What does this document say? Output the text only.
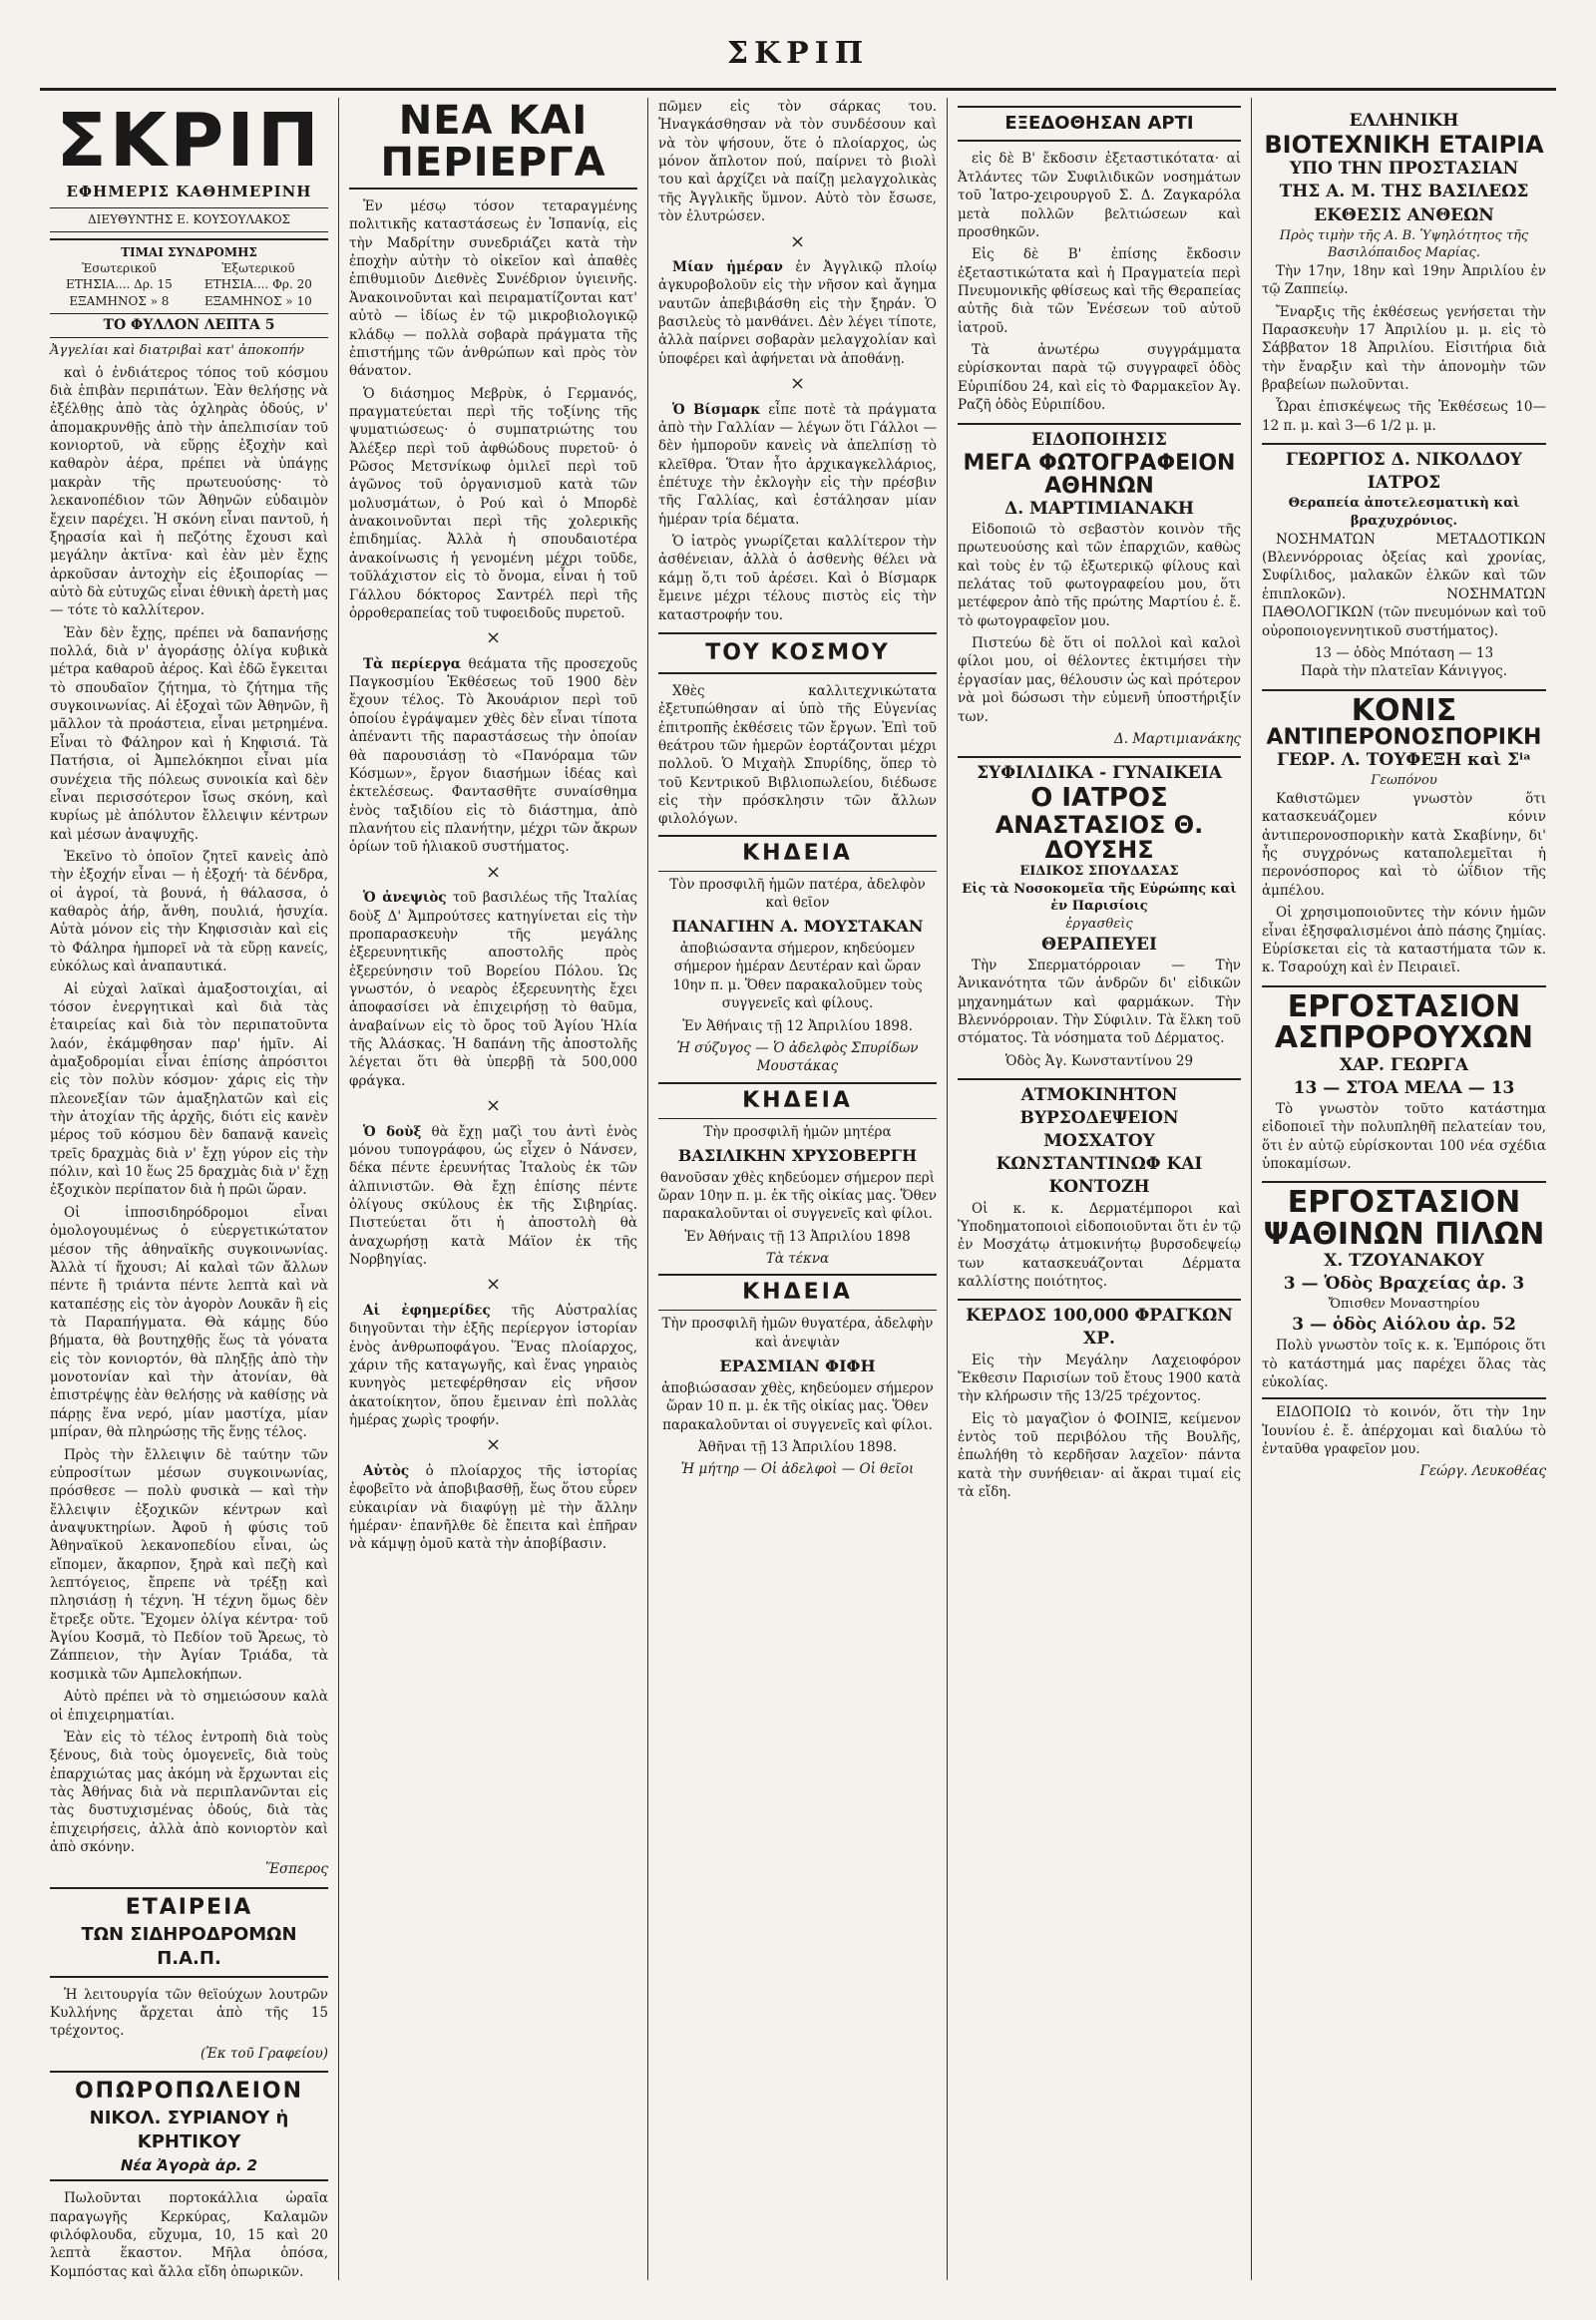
ΣΚΡΙΠ
ΣΚΡΙΠ
ΕΦΗΜΕΡΙΣ ΚΑΘΗΜΕΡΙΝΗ
ΔΙΕΥΘΥΝΤΗΣ Ε. ΚΟΥΣΟΥΛΑΚΟΣ
ΤΙΜΑΙ ΣΥΝΔΡΟΜΗΣ
Ἐσωτερικοῦ	Ἐξωτερικοῦ
ΕΤΗΣΙΑ.... Δρ. 15	ΕΤΗΣΙΑ.... Φρ. 20
ΕΞΑΜΗΝΟΣ » 8	ΕΞΑΜΗΝΟΣ » 10
ΤΟ ΦΥΛΛΟΝ ΛΕΠΤΑ 5
Ἀγγελίαι καὶ διατριβαὶ κατ' ἀποκοπήν

καὶ ὁ ἐνδιάτερος τόπος τοῦ κόσμου διὰ ἐπιβὰν περιπάτων. Ἐὰν θελήσῃς νὰ ἐξέλθῃς ἀπὸ τὰς ὀχληρὰς ὁδούς, ν' ἀπομακρυνθῇς ἀπὸ τὴν ἀπελπισίαν τοῦ κονιορτοῦ, νὰ εὕρῃς ἐξοχὴν καὶ καθαρὸν ἀέρα, πρέπει νὰ ὑπάγῃς μακρὰν τῆς πρωτευούσης· τὸ λεκανοπέδιον τῶν Ἀθηνῶν εὐδαιμὸν ἔχειν παρέχει. Ἡ σκόνη εἶναι παντοῦ, ἡ ξηρασία καὶ ἡ πεζότης ἔχουσι καὶ μεγάλην ἀκτῖνα· καὶ ἐὰν μὲν ἔχῃς ἀρκοῦσαν ἀντοχὴν εἰς ἐξοιπορίας — αὐτὸ δὰ εὐτυχῶς εἶναι ἐθνικὴ ἀρετὴ μας — τότε τὸ καλλίτερον.

Ἐὰν δὲν ἔχῃς, πρέπει νὰ δαπανήσῃς πολλά, διὰ ν' ἀγοράσῃς ὀλίγα κυβικὰ μέτρα καθαροῦ ἀέρος. Καὶ ἐδῶ ἔγκειται τὸ σπουδαῖον ζήτημα, τὸ ζήτημα τῆς συγκοινωνίας. Αἱ ἐξοχαὶ τῶν Ἀθηνῶν, ἢ μᾶλλον τὰ προάστεια, εἶναι μετρημένα. Εἶναι τὸ Φάληρον καὶ ἡ Κηφισιά. Τὰ Πατήσια, οἱ Ἀμπελόκηποι εἶναι μία συνέχεια τῆς πόλεως συνοικία καὶ δὲν εἶναι περισσότερον ἴσως σκόνη, καὶ κυρίως μὲ ἀπόλυτον ἔλλειψιν κέντρων καὶ μέσων ἀναψυχῆς.

Ἐκεῖνο τὸ ὁποῖον ζητεῖ κανεὶς ἀπὸ τὴν ἐξοχήν εἶναι — ἡ ἐξοχή· τὰ δένδρα, οἱ ἀγροί, τὰ βουνά, ἡ θάλασσα, ὁ καθαρὸς ἀήρ, ἄνθη, πουλιά, ἡσυχία. Αὐτὰ μόνον εἰς τὴν Κηφισσιὰν καὶ εἰς τὸ Φάληρα ἠμπορεῖ νὰ τὰ εὕρῃ κανείς, εὐκόλως καὶ ἀναπαυτικά.

Αἱ εὐχαὶ λαϊκαὶ ἀμαξοστοιχίαι, αἱ τόσον ἐνεργητικαὶ καὶ διὰ τὰς ἑταιρείας καὶ διὰ τὸν περιπατοῦντα λαόν, ἐκάμφθησαν παρ' ἡμῖν. Αἱ ἀμαξοδρομίαι εἶναι ἐπίσης ἀπρόσιτοι εἰς τὸν πολὺν κόσμον· χάρις εἰς τὴν πλεονεξίαν τῶν ἁμαξηλατῶν καὶ εἰς τὴν ἀτοχίαν τῆς ἀρχῆς, διότι εἰς κανὲν μέρος τοῦ κόσμου δὲν δαπανᾷ κανεὶς τρεῖς δραχμὰς διὰ ν' ἔχῃ γύρον εἰς τὴν πόλιν, καὶ 10 ἕως 25 δραχμὰς διὰ ν' ἔχῃ ἐξοχικὸν περίπατον διὰ ἡ πρῶι ὥραν.

Οἱ ἱπποσιδηρόδρομοι εἶναι ὁμολογουμένως ὁ εὐεργετικώτατον μέσον τῆς ἀθηναϊκῆς συγκοινωνίας. Ἀλλὰ τί ἤχουσι; Αἱ καλαὶ τῶν ἄλλων πέντε ἢ τριάντα πέντε λεπτὰ καὶ νὰ καταπέσῃς εἰς τὸν ἀγορὸν Λουκᾶν ἢ εἰς τὰ Παραπήγματα. Θὰ κάμῃς δύο βήματα, θὰ βουτηχθῇς ἕως τὰ γόνατα εἰς τὸν κονιορτόν, θὰ πληξῇς ἀπὸ τὴν μονοτονίαν καὶ τὴν ἀτονίαν, θὰ ἐπιστρέψῃς ἐὰν θελήσῃς νὰ καθίσῃς νὰ πάρῃς ἕνα νερό, μίαν μαστίχα, μίαν μπίραν, θὰ πληρώσῃς τῆς ἕνῃς τέλος.

Πρὸς τὴν ἔλλειψιν δὲ ταύτην τῶν εὐπροσίτων μέσων συγκοινωνίας, πρόσθεσε — πολὺ φυσικὰ — καὶ τὴν ἔλλειψιν ἐξοχικῶν κέντρων καὶ ἀναψυκτηρίων. Ἀφοῦ ἡ φύσις τοῦ Ἀθηναϊκοῦ λεκανοπεδίου εἶναι, ὡς εἴπομεν, ἄκαρπον, ξηρὰ καὶ πεζὴ καὶ λεπτόγειος, ἔπρεπε νὰ τρέξῃ καὶ πλησιάσῃ ἡ τέχνη. Ἡ τέχνη ὅμως δὲν ἔτρεξε οὔτε. Ἔχομεν ὀλίγα κέντρα· τοῦ Ἀγίου Κοσμᾶ, τὸ Πεδίον τοῦ Ἄρεως, τὸ Ζάππειον, τὴν Ἀγίαν Τριάδα, τὰ κοσμικὰ τῶν Αμπελοκήπων.

Αὐτὸ πρέπει νὰ τὸ σημειώσουν καλὰ οἱ ἐπιχειρηματίαι.

Ἐὰν εἰς τὸ τέλος ἐντροπὴ διὰ τοὺς ξένους, διὰ τοὺς ὁμογενεῖς, διὰ τοὺς ἐπαρχιώτας μας ἀκόμη νὰ ἔρχωνται εἰς τὰς Ἀθήνας διὰ νὰ περιπλανῶνται εἰς τὰς δυστυχισμένας ὁδούς, διὰ τὰς ἐπιχειρήσεις, ἀλλὰ ἀπὸ κονιορτὸν καὶ ἀπὸ σκόνην.

Ἕσπερος
ΕΤΑΙΡΕΙΑ
ΤΩΝ ΣΙΔΗΡΟΔΡΟΜΩΝ Π.Α.Π.

Ἡ λειτουργία τῶν θεϊούχων λουτρῶν Κυλλήνης ἄρχεται ἀπὸ τῆς 15 τρέχοντος.

(Ἐκ τοῦ Γραφείου)
ΟΠΩΡΟΠΩΛΕΙΟΝ
ΝΙΚΟΛ. ΣΥΡΙΑΝΟΥ ἡ ΚΡΗΤΙΚΟΥ
Νέα Ἀγορὰ ἀρ. 2

Πωλοῦνται πορτοκάλλια ὡραῖα παραγωγῆς Κερκύρας, Καλαμῶν φιλόφλουδα, εὔχυμα, 10, 15 καὶ 20 λεπτὰ ἕκαστον. Μῆλα ὁπόσα, Κομπόστας καὶ ἄλλα εἴδη ὀπωρικῶν.

ΝΕΑ ΚΑΙ ΠΕΡΙΕΡΓΑ

Ἐν μέσῳ τόσον τεταραγμένης πολιτικῆς καταστάσεως ἐν Ἱσπανίᾳ, εἰς τὴν Μαδρίτην συνεδριάζει κατὰ τὴν ἐποχὴν αὐτὴν τὸ οἰκεῖον καὶ ἀπαθὲς ἐπιθυμιοῦν Διεθνὲς Συνέδριον ὑγιεινῆς. Ἀνακοινοῦνται καὶ πειραματίζονται κατ' αὐτὸ — ἰδίως ἐν τῷ μικροβιολογικῷ κλάδῳ — πολλὰ σοβαρὰ πράγματα τῆς ἐπιστήμης τῶν ἀνθρώπων καὶ πρὸς τὸν θάνατον.

Ὁ διάσημος Μεβρὺκ, ὁ Γερμανός, πραγματεύεται περὶ τῆς τοξίνης τῆς ψυματιώσεως· ὁ συμπατριώτης του Ἀλέξερ περὶ τοῦ ἀφθώδους πυρετοῦ· ὁ Ρῶσος Μετσνίκωφ ὁμιλεῖ περὶ τοῦ ἀγῶνος τοῦ ὀργανισμοῦ κατὰ τῶν μολυσμάτων, ὁ Ρού καὶ ὁ Μπορδὲ ἀνακοινοῦνται περὶ τῆς χολερικῆς ἐπιδημίας. Ἀλλὰ ἡ σπουδαιοτέρα ἀνακοίνωσις ἡ γενομένη μέχρι τοῦδε, τοῦλάχιστον εἰς τὸ ὄνομα, εἶναι ἡ τοῦ Γάλλου δόκτορος Σαντρέλ περὶ τῆς ὀρροθεραπείας τοῦ τυφοειδοῦς πυρετοῦ.

×

Τὰ περίεργα θεάματα τῆς προσεχοῦς Παγκοσμίου Ἐκθέσεως τοῦ 1900 δὲν ἔχουν τέλος. Τὸ Ἀκουάριον περὶ τοῦ ὁποίου ἐγράψαμεν χθὲς δὲν εἶναι τίποτα ἀπέναντι τῆς παραστάσεως τὴν ὁποίαν θὰ παρουσιάσῃ τὸ «Πανόραμα τῶν Κόσμων», ἔργον διασήμων ἰδέας καὶ ἐκτελέσεως. Φαντασθῆτε συναίσθημα ἑνὸς ταξιδίου εἰς τὸ διάστημα, ἀπὸ πλανήτου εἰς πλανήτην, μέχρι τῶν ἄκρων ὁρίων τοῦ ἡλιακοῦ συστήματος.

×

Ὁ ἀνεψιὸς τοῦ βασιλέως τῆς Ἰταλίας δοὺξ Δ' Ἀμπρούτσες κατηγίνεται εἰς τὴν προπαρασκευὴν τῆς μεγάλης ἐξερευνητικῆς αποστολῆς πρὸς ἐξερεύνησιν τοῦ Βορείου Πόλου. Ὡς γνωστόν, ὁ νεαρὸς ἐξερευνητὴς ἔχει ἀποφασίσει νὰ ἐπιχειρήσῃ τὸ θαῦμα, ἀναβαίνων εἰς τὸ ὄρος τοῦ Ἁγίου Ἡλία τῆς Ἀλάσκας. Ἡ δαπάνη τῆς ἀποστολῆς λέγεται ὅτι θὰ ὑπερβῇ τὰ 500,000 φράγκα.

×

Ὁ δοὺξ θὰ ἔχῃ μαζὶ του ἀντὶ ἑνὸς μόνου τυπογράφου, ὡς εἶχεν ὁ Νάνσεν, δέκα πέντε ἐρευνήτας Ἰταλοὺς ἐκ τῶν ἀλπινιστῶν. Θὰ ἔχῃ ἐπίσης πέντε ὀλίγους σκύλους ἐκ τῆς Σιβηρίας. Πιστεύεται ὅτι ἡ ἀποστολὴ θὰ ἀναχωρήσῃ κατὰ Μάϊον ἐκ τῆς Νορβηγίας.

×

Αἱ ἐφημερίδες τῆς Αὐστραλίας διηγοῦνται τὴν ἑξῆς περίεργον ἱστορίαν ἑνὸς ἀνθρωποφάγου. Ἕνας πλοίαρχος, χάριν τῆς καταγωγῆς, καὶ ἕνας γηραιὸς κυνηγὸς μετεφέρθησαν εἰς νῆσον ἀκατοίκητον, ὅπου ἔμειναν ἐπὶ πολλὰς ἡμέρας χωρὶς τροφήν.

×

Αὐτὸς ὁ πλοίαρχος τῆς ἱστορίας ἐφοβεῖτο νὰ ἀποβιβασθῇ, ἕως ὅτου εὗρεν εὐκαιρίαν νὰ διαφύγῃ μὲ τὴν ἄλλην ἡμέραν· ἐπανῆλθε δὲ ἔπειτα καὶ ἐπῆραν νὰ κάμψῃ ὁμοῦ κατὰ τὴν ἀποβίβασιν.

πῶμεν εἰς τὸν σάρκας του. Ἠναγκάσθησαν νὰ τὸν συνδέσουν καὶ νὰ τὸν ψήσουν, ὅτε ὁ πλοίαρχος, ὡς μόνον ἄπλοτον πού, παίρνει τὸ βιολὶ του καὶ ἀρχίζει νὰ παίζῃ μελαγχολικὰς τῆς Ἀγγλικῆς ὕμνον. Αὐτὸ τὸν ἔσωσε, τὸν ἐλυτρώσεν.

×

Μίαν ἡμέραν ἐν Ἀγγλικῷ πλοίῳ ἀγκυροβολοῦν εἰς τὴν νῆσον καὶ ἄγημα ναυτῶν ἀπεβιβάσθη εἰς τὴν ξηράν. Ὁ βασιλεὺς τὸ μανθάνει. Δὲν λέγει τίποτε, ἀλλὰ παίρνει σοβαρὰν μελαγχολίαν καὶ ὑποφέρει καὶ ἀφήνεται νὰ ἀποθάνῃ.

×

Ὁ Βίσμαρκ εἶπε ποτὲ τὰ πράγματα ἀπὸ τὴν Γαλλίαν — λέγων ὅτι Γάλλοι — δὲν ἠμποροῦν κανεὶς νὰ ἀπελπίσῃ τὸ κλεῖθρα. Ὅταν ἦτο ἀρχικαγκελλάριος, ἐπέτυχε τὴν ἐκλογὴν εἰς τὴν πρέσβιν τῆς Γαλλίας, καὶ ἐστάλησαν μίαν ἡμέραν τρία δέματα.

Ὁ ἰατρὸς γνωρίζεται καλλίτερον τὴν ἀσθένειαν, ἀλλὰ ὁ ἀσθενὴς θέλει νὰ κάμῃ ὅ,τι τοῦ ἀρέσει. Καὶ ὁ Βίσμαρκ ἔμεινε μέχρι τέλους πιστὸς εἰς τὴν καταστροφήν του.

ΤΟΥ ΚΟΣΜΟΥ

Χθὲς καλλιτεχνικώτατα ἐξετυπώθησαν αἱ ὑπὸ τῆς Εὐγενίας ἐπιτροπῆς ἐκθέσεις τῶν ἔργων. Ἐπὶ τοῦ θεάτρου τῶν ἡμερῶν ἑορτάζονται μέχρι πολλοῦ. Ὁ Μιχαὴλ Σπυρίδης, ὅπερ τὸ τοῦ Κεντρικοῦ Βιβλιοπωλείου, διέδωσε εἰς τὴν πρόσκλησιν τῶν ἄλλων φιλολόγων.

ΚΗΔΕΙΑ

Τὸν προσφιλῆ ἡμῶν πατέρα, ἀδελφὸν καὶ θεῖον

ΠΑΝΑΓΙΗΝ Α. ΜΟΥΣΤΑΚΑΝ

ἀποβιώσαντα σήμερον, κηδεύομεν σήμερον ἡμέραν Δευτέραν καὶ ὥραν 10ην π. μ. Ὅθεν παρακαλοῦμεν τοὺς συγγενεῖς καὶ φίλους.

Ἐν Ἀθήναις τῇ 12 Ἀπριλίου 1898.

Ἡ σύζυγος — Ὁ ἀδελφὸς Σπυρίδων Μουστάκας

ΚΗΔΕΙΑ

Τὴν προσφιλῆ ἡμῶν μητέρα

ΒΑΣΙΛΙΚΗΝ ΧΡΥΣΟΒΕΡΓΗ

θανοῦσαν χθὲς κηδεύομεν σήμερον περὶ ὥραν 10ην π. μ. ἐκ τῆς οἰκίας μας. Ὅθεν παρακαλοῦνται οἱ συγγενεῖς καὶ φίλοι.

Ἐν Ἀθήναις τῇ 13 Ἀπριλίου 1898

Τὰ τέκνα

ΚΗΔΕΙΑ

Τὴν προσφιλῆ ἡμῶν θυγατέρα, ἀδελφὴν καὶ ἀνεψιὰν

ΕΡΑΣΜΙΑΝ ΦΙΦΗ

ἀποβιώσασαν χθὲς, κηδεύομεν σήμερον ὥραν 10 π. μ. ἐκ τῆς οἰκίας μας. Ὅθεν παρακαλοῦνται οἱ συγγενεῖς καὶ φίλοι.

Ἀθῆναι τῇ 13 Ἀπριλίου 1898.

Ἡ μήτηρ — Οἱ ἀδελφοὶ — Οἱ θεῖοι

ΕΞΕΔΟΘΗΣΑΝ ΑΡΤΙ

εἰς δὲ Β' ἔκδοσιν ἐξεταστικότατα· αἱ Ἀτλάντες τῶν Συφιλιδικῶν νοσημάτων τοῦ Ἰατρο-χειρουργοῦ Σ. Δ. Ζαγκαρόλα μετὰ πολλῶν βελτιώσεων καὶ προσθηκῶν.

Εἰς δὲ Β' ἐπίσης ἔκδοσιν ἐξεταστικώτατα καὶ ἡ Πραγματεία περὶ Πνευμονικῆς φθίσεως καὶ τῆς Θεραπείας αὐτῆς διὰ τῶν Ἐνέσεων τοῦ αὐτοῦ ἰατροῦ.

Τὰ ἀνωτέρω συγγράμματα εὑρίσκονται παρὰ τῷ συγγραφεῖ ὁδὸς Εὐριπίδου 24, καὶ εἰς τὸ Φαρμακεῖον Ἀγ. Ραζῆ ὁδὸς Εὐριπίδου.

ΕΙΔΟΠΟΙΗΣΙΣ
ΜΕΓΑ ΦΩΤΟΓΡΑΦΕΙΟΝ ΑΘΗΝΩΝ
Δ. ΜΑΡΤΙΜΙΑΝΑΚΗ

Εἰδοποιῶ τὸ σεβαστὸν κοινὸν τῆς πρωτευούσης καὶ τῶν ἐπαρχιῶν, καθὼς καὶ τοὺς ἐν τῷ ἐξωτερικῷ φίλους καὶ πελάτας τοῦ φωτογραφείου μου, ὅτι μετέφερον ἀπὸ τῆς πρώτης Μαρτίου ἐ. ἔ. τὸ φωτογραφεῖον μου.

Πιστεύω δὲ ὅτι οἱ πολλοὶ καὶ καλοὶ φίλοι μου, οἱ θέλοντες ἐκτιμήσει τὴν ἐργασίαν μας, θέλουσιν ὡς καὶ πρότερον νὰ μοὶ δώσωσι τὴν εὐμενῆ ὑποστήριξίν των.

Δ. Μαρτιμιανάκης
ΣΥΦΙΛΙΔΙΚΑ - ΓΥΝΑΙΚΕΙΑ
Ο ΙΑΤΡΟΣ
ΑΝΑΣΤΑΣΙΟΣ Θ. ΔΟΥΣΗΣ
ΕΙΔΙΚΟΣ ΣΠΟΥΔΑΣΑΣ
Εἰς τὰ Νοσοκομεῖα τῆς Εὐρώπης καὶ ἐν Παρισίοις
ἐργασθεὶς
ΘΕΡΑΠΕΥΕΙ

Τὴν Σπερματόρροιαν — Τὴν Ἀνικανότητα τῶν ἀνδρῶν δι' εἰδικῶν μηχανημάτων καὶ φαρμάκων. Τὴν Βλεννόρροιαν. Τὴν Σύφιλιν. Τὰ ἕλκη τοῦ στόματος. Τὰ νόσηματα τοῦ Δέρματος.

Ὁδὸς Ἀγ. Κωνσταντίνου 29
ΑΤΜΟΚΙΝΗΤΟΝ ΒΥΡΣΟΔΕΨΕΙΟΝ
ΜΟΣΧΑΤΟΥ
ΚΩΝΣΤΑΝΤΙΝΩΦ ΚΑΙ ΚΟΝΤΟΖΗ

Οἱ κ. κ. Δερματέμποροι καὶ Ὑποδηματοποιοὶ εἰδοποιοῦνται ὅτι ἐν τῷ ἐν Μοσχάτῳ ἀτμοκινήτῳ βυρσοδεψείῳ των κατασκευάζονται Δέρματα καλλίστης ποιότητος.

ΚΕΡΔΟΣ 100,000 ΦΡΑΓΚΩΝ ΧΡ.

Εἰς τὴν Μεγάλην Λαχειοφόρον Ἔκθεσιν Παρισίων τοῦ ἔτους 1900 κατὰ τὴν κλήρωσιν τῆς 13/25 τρέχοντος.

Εἰς τὸ μαγαζὶον ὁ ΦΟΙΝΙΞ, κείμενον ἐντὸς τοῦ περιβόλου τῆς Βουλῆς, ἐπωλήθη τὸ κερδῆσαν λαχεῖον· πάντα κατὰ τὴν συνήθειαν· αἱ ἄκραι τιμαί εἰς τὰ εἴδη.

ΕΛΛΗΝΙΚΗ
ΒΙΟΤΕΧΝΙΚΗ ΕΤΑΙΡΙΑ
ΥΠΟ ΤΗΝ ΠΡΟΣΤΑΣΙΑΝ
ΤΗΣ Α. Μ. ΤΗΣ ΒΑΣΙΛΕΩΣ
ΕΚΘΕΣΙΣ ΑΝΘΕΩΝ
Πρὸς τιμὴν τῆς Α. Β. Ὑψηλότητος τῆς Βασιλόπαιδος Μαρίας.

Τὴν 17ην, 18ην καὶ 19ην Ἀπριλίου ἐν τῷ Ζαππείῳ.

Ἔναρξις τῆς ἐκθέσεως γενήσεται τὴν Παρασκευὴν 17 Ἀπριλίου μ. μ. εἰς τὸ Σάββατον 18 Ἀπριλίου. Εἰσιτήρια διὰ τὴν ἔναρξιν καὶ τὴν ἀπονομὴν τῶν βραβείων πωλοῦνται.

Ὧραι ἐπισκέψεως τῆς Ἐκθέσεως 10—12 π. μ. καὶ 3—6 1/2 μ. μ.

ΓΕΩΡΓΙΟΣ Δ. ΝΙΚΟΛΔΟΥ
ΙΑΤΡΟΣ
Θεραπεία ἀποτελεσματικὴ καὶ βραχυχρόνιος.

ΝΟΣΗΜΑΤΩΝ ΜΕΤΑΔΟΤΙΚΩΝ (Βλεννόρροιας ὀξείας καὶ χρονίας, Συφίλιδος, μαλακῶν ἑλκῶν καὶ τῶν ἐπιπλοκῶν). ΝΟΣΗΜΑΤΩΝ ΠΑΘΟΛΟΓΙΚΩΝ (τῶν πνευμόνων καὶ τοῦ οὐροποιογεννητικοῦ συστήματος).

13 — ὁδὸς Μπόταση — 13
Παρὰ τὴν πλατεῖαν Κάνιγγος.
ΚΟΝΙΣ
ΑΝΤΙΠΕΡΟΝΟΣΠΟΡΙΚΗ
ΓΕΩΡ. Λ. ΤΟΥΦΕΞΗ καὶ Σⁱᵃ
Γεωπόνου

Καθιστῶμεν γνωστὸν ὅτι κατασκευάζομεν κόνιν ἀντιπερονοσπορικὴν κατὰ Σκαβίνην, δι' ἧς συγχρόνως καταπολεμεῖται ἡ περονόσπορος καὶ τὸ ὠΐδιον τῆς ἀμπέλου.

Οἱ χρησιμοποιοῦντες τὴν κόνιν ἡμῶν εἶναι ἐξησφαλισμένοι ἀπὸ πάσης ζημίας. Εὑρίσκεται εἰς τὰ καταστήματα τῶν κ. κ. Τσαρούχη καὶ ἐν Πειραιεῖ.

ΕΡΓΟΣΤΑΣΙΟΝ
ΑΣΠΡΟΡΟΥΧΩΝ
ΧΑΡ. ΓΕΩΡΓΑ
13 — ΣΤΟΑ ΜΕΛΑ — 13

Τὸ γνωστὸν τοῦτο κατάστημα εἰδοποιεῖ τὴν πολυπληθῆ πελατείαν του, ὅτι ἐν αὐτῷ εὑρίσκονται 100 νέα σχέδια ὑποκαμίσων.

ΕΡΓΟΣΤΑΣΙΟΝ
ΨΑΘΙΝΩΝ ΠΙΛΩΝ
Χ. ΤΖΟΥΑΝΑΚΟΥ
3 — Ὁδὸς Βραχείας ἀρ. 3
Ὄπισθεν Μοναστηρίου
3 — ὁδὸς Αἰόλου ἀρ. 52

Πολὺ γνωστὸν τοῖς κ. κ. Ἐμπόροις ὅτι τὸ κατάστημά μας παρέχει ὅλας τὰς εὐκολίας.

ΕΙΔΟΠΟΙΩ τὸ κοινόν, ὅτι τὴν 1ην Ἰουνίου ἐ. ἔ. ἀπέρχομαι καὶ διαλύω τὸ ἐνταῦθα γραφεῖον μου.

Γεώργ. Λευκοθέας
